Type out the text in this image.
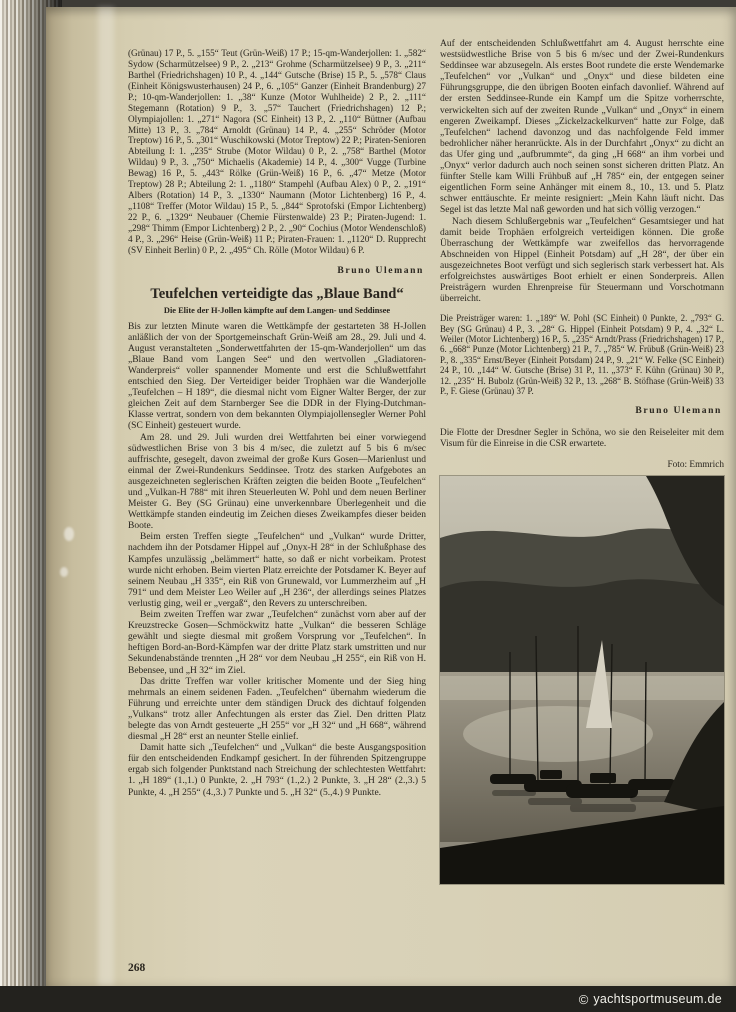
(Grünau) 17 P., 5. „155“ Teut (Grün-Weiß) 17 P.; 15-qm-Wanderjollen: 1. „582“ Sydow (Scharmützelsee) 9 P., 2. „213“ Grohme (Scharmützelsee) 9 P., 3. „211“ Barthel (Friedrichshagen) 10 P., 4. „144“ Gutsche (Brise) 15 P., 5. „578“ Claus (Einheit Königswusterhausen) 24 P., 6. „105“ Ganzer (Einheit Brandenburg) 27 P.; 10-qm-Wanderjollen: 1. „38“ Kunze (Motor Wuhlheide) 2 P., 2. „111“ Stegemann (Rotation) 9 P., 3. „57“ Tauchert (Friedrichshagen) 12 P.; Olympiajollen: 1. „271“ Nagora (SC Einheit) 13 P., 2. „110“ Büttner (Aufbau Mitte) 13 P., 3. „784“ Arnoldt (Grünau) 14 P., 4. „255“ Schröder (Motor Treptow) 16 P., 5. „301“ Wuschikowski (Motor Treptow) 22 P.; Piraten-Senioren Abteilung I: 1. „235“ Strube (Motor Wildau) 0 P., 2. „758“ Barthel (Motor Wildau) 9 P., 3. „750“ Michaelis (Akademie) 14 P., 4. „300“ Vugge (Turbine Bewag) 16 P., 5. „443“ Rölke (Grün-Weiß) 16 P., 6. „47“ Metze (Motor Treptow) 28 P.; Abteilung 2: 1. „1180“ Stampehl (Aufbau Alex) 0 P., 2. „191“ Albers (Rotation) 14 P., 3. „1330“ Naumann (Motor Lichtenberg) 16 P., 4. „1108“ Treffer (Motor Wildau) 15 P., 5. „844“ Sprotofski (Empor Lichtenberg) 22 P., 6. „1329“ Neubauer (Chemie Fürstenwalde) 23 P.; Piraten-Jugend: 1. „298“ Thimm (Empor Lichtenberg) 2 P., 2. „90“ Cochius (Motor Wendenschloß) 4 P., 3. „296“ Heise (Grün-Weiß) 11 P.; Piraten-Frauen: 1. „1120“ D. Rupprecht (SV Einheit Berlin) 0 P., 2. „495“ Ch. Rölle (Motor Wildau) 6 P.

Bruno Ulemann
Teufelchen verteidigte das „Blaue Band“
Die Elite der H-Jollen kämpfte auf dem Langen- und Seddinsee

Bis zur letzten Minute waren die Wettkämpfe der gestarteten 38 H-Jollen anläßlich der von der Sportgemeinschaft Grün-Weiß am 28., 29. Juli und 4. August veranstalteten „Sonderwettfahrten der 15-qm-Wanderjollen“ um das „Blaue Band vom Langen See“ und den wertvollen „Gladiatoren-Wanderpreis“ voller spannender Momente und erst die Schlußwettfahrt entschied den Sieg. Der Verteidiger beider Trophäen war die Wanderjolle „Teufelchen – H 189“, die diesmal nicht vom Eigner Walter Berger, der zur gleichen Zeit auf dem Starnberger See die DDR in der Flying-Dutchman-Klasse vertrat, sondern von dem bekannten Olympiajollensegler Werner Pohl (SC Einheit) gesteuert wurde.

Am 28. und 29. Juli wurden drei Wettfahrten bei einer vorwiegend südwestlichen Brise von 3 bis 4 m/sec, die zuletzt auf 5 bis 6 m/sec auffrischte, gesegelt, davon zweimal der große Kurs Gosen—Marienlust und einmal der Zwei-Rundenkurs Seddinsee. Trotz des starken Aufgebotes an ausgezeichneten seglerischen Kräften zeigten die beiden Boote „Teufelchen“ und „Vulkan-H 788“ mit ihren Steuerleuten W. Pohl und dem neuen Berliner Meister G. Bey (SG Grünau) eine unverkennbare Überlegenheit und die Wettkämpfe standen eindeutig im Zeichen dieses Zweikampfes dieser beiden Boote.

Beim ersten Treffen siegte „Teufelchen“ und „Vulkan“ wurde Dritter, nachdem ihn der Potsdamer Hippel auf „Onyx-H 28“ in der Schlußphase des Kampfes unzulässig „belämmert“ hatte, so daß er nicht vorbeikam. Protest wurde nicht erhoben. Beim vierten Platz erreichte der Potsdamer K. Beyer auf seinem Neubau „H 335“, ein Riß von Grunewald, vor Lummerzheim auf „H 791“ und dem Meister Leo Weiler auf „H 236“, der allerdings seines Platzes verlustig ging, weil er „vergaß“, den Revers zu unterschreiben.

Beim zweiten Treffen war zwar „Teufelchen“ zunächst vorn aber auf der Kreuzstrecke Gosen—Schmöckwitz hatte „Vulkan“ die besseren Schläge gewählt und siegte diesmal mit großem Vorsprung vor „Teufelchen“. In heftigen Bord-an-Bord-Kämpfen war der dritte Platz stark umstritten und nur Sekundenabstände trennten „H 28“ vor dem Neubau „H 255“, ein Riß von H. Bebensee, und „H 32“ im Ziel.

Das dritte Treffen war voller kritischer Momente und der Sieg hing mehrmals an einem seidenen Faden. „Teufelchen“ übernahm wiederum die Führung und erreichte unter dem ständigen Druck des dichtauf folgenden „Vulkans“ trotz aller Anfechtungen als erster das Ziel. Den dritten Platz belegte das von Arndt gesteuerte „H 255“ vor „H 32“ und „H 668“, während diesmal „H 28“ erst an neunter Stelle einlief.

Damit hatte sich „Teufelchen“ und „Vulkan“ die beste Ausgangsposition für den entscheidenden Endkampf gesichert. In der führenden Spitzengruppe ergab sich folgender Punktstand nach Streichung der schlechtesten Wettfahrt: 1. „H 189“ (1.,1.) 0 Punkte, 2. „H 793“ (1.,2.) 2 Punkte, 3. „H 28“ (2.,3.) 5 Punkte, 4. „H 255“ (4.,3.) 7 Punkte und 5. „H 32“ (5.,4.) 9 Punkte.

Auf der entscheidenden Schlußwettfahrt am 4. August herrschte eine westsüdwestliche Brise von 5 bis 6 m/sec und der Zwei-Rundenkurs Seddinsee war abzusegeln. Als erstes Boot rundete die erste Wendemarke „Teufelchen“ vor „Vulkan“ und „Onyx“ und diese bildeten eine Führungsgruppe, die den übrigen Booten einfach davonlief. Während auf der ersten Seddinsee-Runde ein Kampf um die Spitze vorherrschte, verwickelten sich auf der zweiten Runde „Vulkan“ und „Onyx“ in einem engeren Zweikampf. Dieses „Zickelzackelkurven“ hatte zur Folge, daß „Teufelchen“ lachend davonzog und das nachfolgende Feld immer bedrohlicher näher heranrückte. Als in der Durchfahrt „Onyx“ zu dicht an das Ufer ging und „aufbrummte“, da ging „H 668“ an ihm vorbei und „Onyx“ verlor dadurch auch noch seinen sonst sicheren dritten Platz. An fünfter Stelle kam Willi Frühbuß auf „H 785“ ein, der entgegen seiner eigentlichen Form seine Anhänger mit einem 8., 10., 13. und 5. Platz schwer enttäuschte. Er meinte resigniert: „Mein Kahn läuft nicht. Das Segel ist das letzte Mal naß geworden und hat sich völlig verzogen.“

Nach diesem Schlußergebnis war „Teufelchen“ Gesamtsieger und hat damit beide Trophäen erfolgreich verteidigen können. Die große Überraschung der Wettkämpfe war zweifellos das hervorragende Abschneiden von Hippel (Einheit Potsdam) auf „H 28“, der über ein ausgezeichnetes Boot verfügt und sich seglerisch stark verbessert hat. Als erfolgreichstes auswärtiges Boot erhielt er einen Sonderpreis. Allen Preisträgern wurden Ehrenpreise für Steuermann und Vorschotmann überreicht.

Die Preisträger waren: 1. „189“ W. Pohl (SC Einheit) 0 Punkte, 2. „793“ G. Bey (SG Grünau) 4 P., 3. „28“ G. Hippel (Einheit Potsdam) 9 P., 4. „32“ L. Weiler (Motor Lichtenberg) 16 P., 5. „235“ Arndt/Prass (Friedrichshagen) 17 P., 6. „668“ Punze (Motor Lichtenberg) 21 P., 7. „785“ W. Frübuß (Grün-Weiß) 23 P., 8. „335“ Ernst/Beyer (Einheit Potsdam) 24 P., 9. „21“ W. Felke (SC Einheit) 24 P., 10. „144“ W. Gutsche (Brise) 31 P., 11. „373“ F. Kühn (Grünau) 30 P., 12. „235“ H. Bubolz (Grün-Weiß) 32 P., 13. „268“ B. Stöfhase (Grün-Weiß) 33 P., F. Giese (Grünau) 37 P.

Bruno Ulemann

Die Flotte der Dresdner Segler in Schöna, wo sie den Reiseleiter mit dem Visum für die Einreise in die CSR erwartete.

Foto: Emmrich
268
© yachtsportmuseum.de
